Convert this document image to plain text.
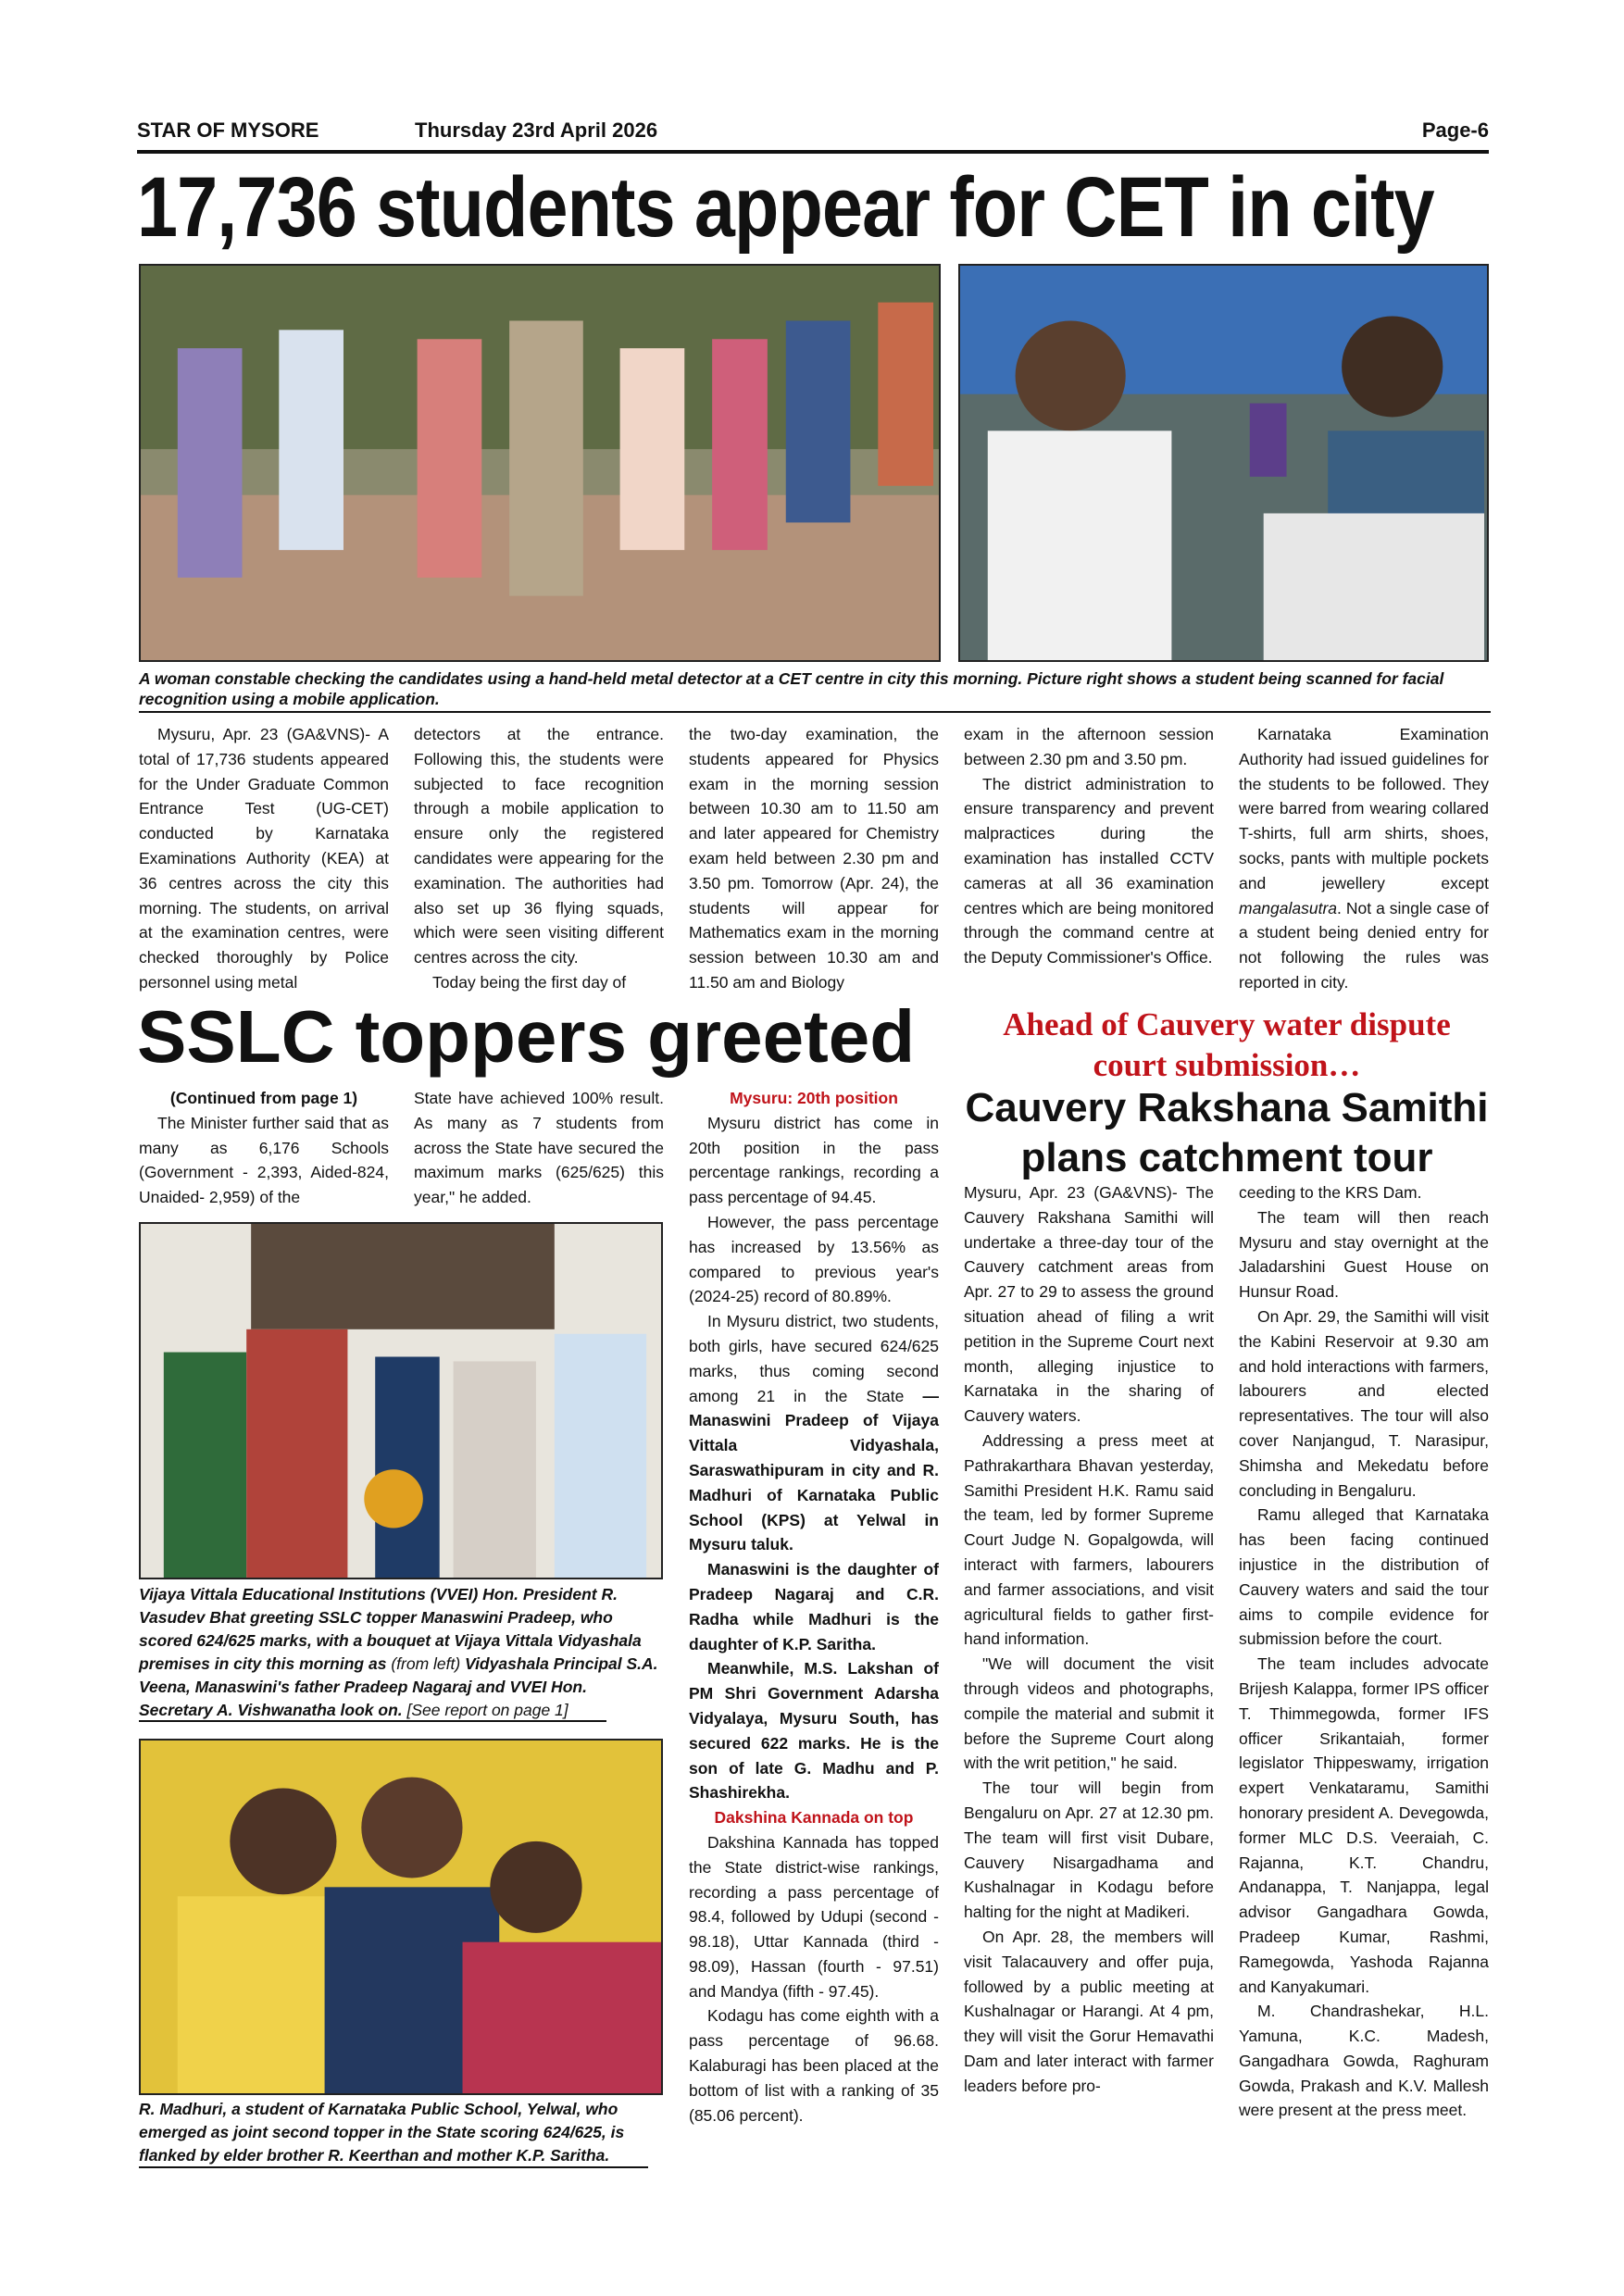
STAR OF MYSORE	Thursday 23rd April 2026	Page-6
17,736 students appear for CET in city
A woman constable checking the candidates using a hand-held metal detector at a CET centre in city this morning. Picture right shows a student being scanned for facial recognition using a mobile application.

Mysuru, Apr. 23 (GA&VNS)- A total of 17,736 students appeared for the Under Graduate Common Entrance Test (UG-CET) conducted by Karnataka Examinations Authority (KEA) at 36 centres across the city this morning. The students, on arrival at the examination centres, were checked thoroughly by Police personnel using metal

detectors at the entrance. Following this, the students were subjected to face recognition through a mobile application to ensure only the registered candidates were appearing for the examination. The authorities had also set up 36 flying squads, which were seen visiting different centres across the city.

Today being the first day of

the two-day examination, the students appeared for Physics exam in the morning session between 10.30 am to 11.50 am and later appeared for Chemistry exam held between 2.30 pm and 3.50 pm. Tomorrow (Apr. 24), the students will appear for Mathematics exam in the morning session between 10.30 am and 11.50 am and Biology

exam in the afternoon session between 2.30 pm and 3.50 pm.

The district administration to ensure transparency and prevent malpractices during the examination has installed CCTV cameras at all 36 examination centres which are being monitored through the command centre at the Deputy Commissioner's Office.

Karnataka Examination Authority had issued guidelines for the students to be followed. They were barred from wearing collared T-shirts, full arm shirts, shoes, socks, pants with multiple pockets and jewellery except mangalasutra. Not a single case of a student being denied entry for not following the rules was reported in city.

SSLC toppers greeted

(Continued from page 1)

The Minister further said that as many as 6,176 Schools (Government - 2,393, Aided-824, Unaided- 2,959) of the

State have achieved 100% result. As many as 7 students from across the State have secured the maximum marks (625/625) this year," he added.

Vijaya Vittala Educational Institutions (VVEI) Hon. President R. Vasudev Bhat greeting SSLC topper Manaswini Pradeep, who scored 624/625 marks, with a bouquet at Vijaya Vittala Vidyashala premises in city this morning as (from left) Vidyashala Principal S.A. Veena, Manaswini's father Pradeep Nagaraj and VVEI Hon. Secretary A. Vishwanatha look on. [See report on page 1]
R. Madhuri, a student of Karnataka Public School, Yelwal, who emerged as joint second topper in the State scoring 624/625, is flanked by elder brother R. Keerthan and mother K.P. Saritha.

Mysuru: 20th position

Mysuru district has come in 20th position in the pass percentage rankings, recording a pass percentage of 94.45.

However, the pass percentage has increased by 13.56% as compared to previous year's (2024-25) record of 80.89%.

In Mysuru district, two students, both girls, have secured 624/625 marks, thus coming second among 21 in the State — Manaswini Pradeep of Vijaya Vittala Vidyashala, Saraswathipuram in city and R. Madhuri of Karnataka Public School (KPS) at Yelwal in Mysuru taluk.

Manaswini is the daughter of Pradeep Nagaraj and C.R. Radha while Madhuri is the daughter of K.P. Saritha.

Meanwhile, M.S. Lakshan of PM Shri Government Adarsha Vidyalaya, Mysuru South, has secured 622 marks. He is the son of late G. Madhu and P. Shashirekha.

Dakshina Kannada on top

Dakshina Kannada has topped the State district-wise rankings, recording a pass percentage of 98.4, followed by Udupi (second - 98.18), Uttar Kannada (third - 98.09), Hassan (fourth - 97.51) and Mandya (fifth - 97.45).

Kodagu has come eighth with a pass percentage of 96.68. Kalaburagi has been placed at the bottom of list with a ranking of 35 (85.06 percent).

Ahead of Cauvery water dispute court submission…
Cauvery Rakshana Samithi plans catchment tour

Mysuru, Apr. 23 (GA&VNS)- The Cauvery Rakshana Samithi will undertake a three-day tour of the Cauvery catchment areas from Apr. 27 to 29 to assess the ground situation ahead of filing a writ petition in the Supreme Court next month, alleging injustice to Karnataka in the sharing of Cauvery waters.

Addressing a press meet at Pathrakarthara Bhavan yesterday, Samithi President H.K. Ramu said the team, led by former Supreme Court Judge N. Gopalgowda, will interact with farmers, labourers and farmer associations, and visit agricultural fields to gather first-hand information.

"We will document the visit through videos and photographs, compile the material and submit it before the Supreme Court along with the writ petition," he said.

The tour will begin from Bengaluru on Apr. 27 at 12.30 pm. The team will first visit Dubare, Cauvery Nisargadhama and Kushalnagar in Kodagu before halting for the night at Madikeri.

On Apr. 28, the members will visit Talacauvery and offer puja, followed by a public meeting at Kushalnagar or Harangi. At 4 pm, they will visit the Gorur Hemavathi Dam and later interact with farmer leaders before pro-

ceeding to the KRS Dam.

The team will then reach Mysuru and stay overnight at the Jaladarshini Guest House on Hunsur Road.

On Apr. 29, the Samithi will visit the Kabini Reservoir at 9.30 am and hold interactions with farmers, labourers and elected representatives. The tour will also cover Nanjangud, T. Narasipur, Shimsha and Mekedatu before concluding in Bengaluru.

Ramu alleged that Karnataka has been facing continued injustice in the distribution of Cauvery waters and said the tour aims to compile evidence for submission before the court.

The team includes advocate Brijesh Kalappa, former IPS officer T. Thimmegowda, former IFS officer Srikantaiah, former legislator Thippeswamy, irrigation expert Venkataramu, Samithi honorary president A. Devegowda, former MLC D.S. Veeraiah, C. Rajanna, K.T. Chandru, Andanappa, T. Nanjappa, legal advisor Gangadhara Gowda, Pradeep Kumar, Rashmi, Ramegowda, Yashoda Rajanna and Kanyakumari.

M. Chandrashekar, H.L. Yamuna, K.C. Madesh, Gangadhara Gowda, Raghuram Gowda, Prakash and K.V. Mallesh were present at the press meet.
